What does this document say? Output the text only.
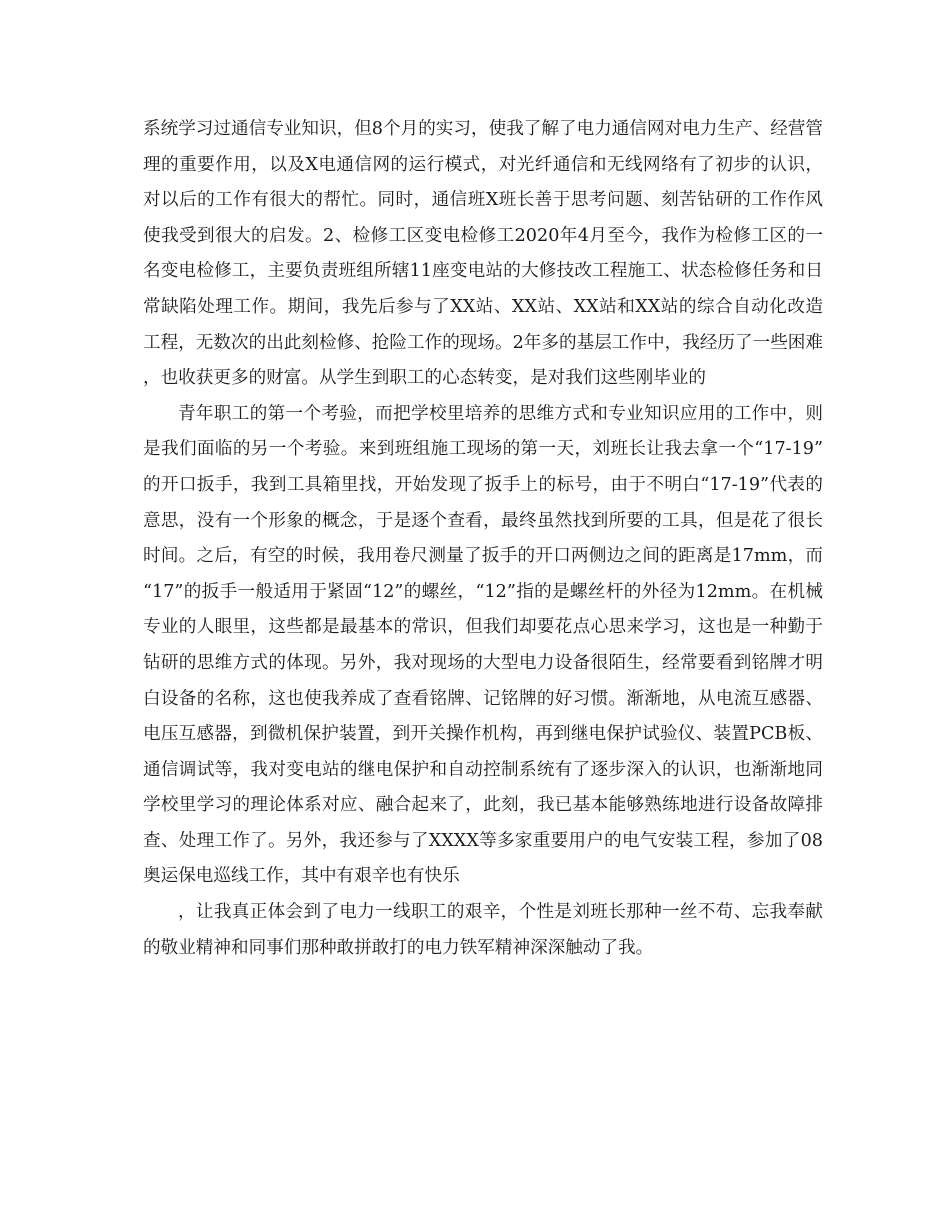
系统学习过通信专业知识，但8个月的实习，使我了解了电力通信网对电力生产、经营管理的重要作用，以及X电通信网的运行模式，对光纤通信和无线网络有了初步的认识，对以后的工作有很大的帮忙。同时，通信班X班长善于思考问题、刻苦钻研的工作作风使我受到很大的启发。2、检修工区变电检修工2020年4月至今，我作为检修工区的一名变电检修工，主要负责班组所辖11座变电站的大修技改工程施工、状态检修任务和日常缺陷处理工作。期间，我先后参与了XX站、XX站、XX站和XX站的综合自动化改造工程，无数次的出此刻检修、抢险工作的现场。2年多的基层工作中，我经历了一些困难，也收获更多的财富。从学生到职工的心态转变，是对我们这些刚毕业的

青年职工的第一个考验，而把学校里培养的思维方式和专业知识应用的工作中，则是我们面临的另一个考验。来到班组施工现场的第一天，刘班长让我去拿一个“17-19”的开口扳手，我到工具箱里找，开始发现了扳手上的标号，由于不明白“17-19”代表的意思，没有一个形象的概念，于是逐个查看，最终虽然找到所要的工具，但是花了很长时间。之后，有空的时候，我用卷尺测量了扳手的开口两侧边之间的距离是17mm，而“17”的扳手一般适用于紧固“12”的螺丝，“12”指的是螺丝杆的外径为12mm。在机械专业的人眼里，这些都是最基本的常识，但我们却要花点心思来学习，这也是一种勤于钻研的思维方式的体现。另外，我对现场的大型电力设备很陌生，经常要看到铭牌才明白设备的名称，这也使我养成了查看铭牌、记铭牌的好习惯。渐渐地，从电流互感器、电压互感器，到微机保护装置，到开关操作机构，再到继电保护试验仪、装置PCB板、通信调试等，我对变电站的继电保护和自动控制系统有了逐步深入的认识，也渐渐地同学校里学习的理论体系对应、融合起来了，此刻，我已基本能够熟练地进行设备故障排查、处理工作了。另外，我还参与了XXXX等多家重要用户的电气安装工程，参加了08奥运保电巡线工作，其中有艰辛也有快乐

，让我真正体会到了电力一线职工的艰辛，个性是刘班长那种一丝不苟、忘我奉献的敬业精神和同事们那种敢拼敢打的电力铁军精神深深触动了我。
